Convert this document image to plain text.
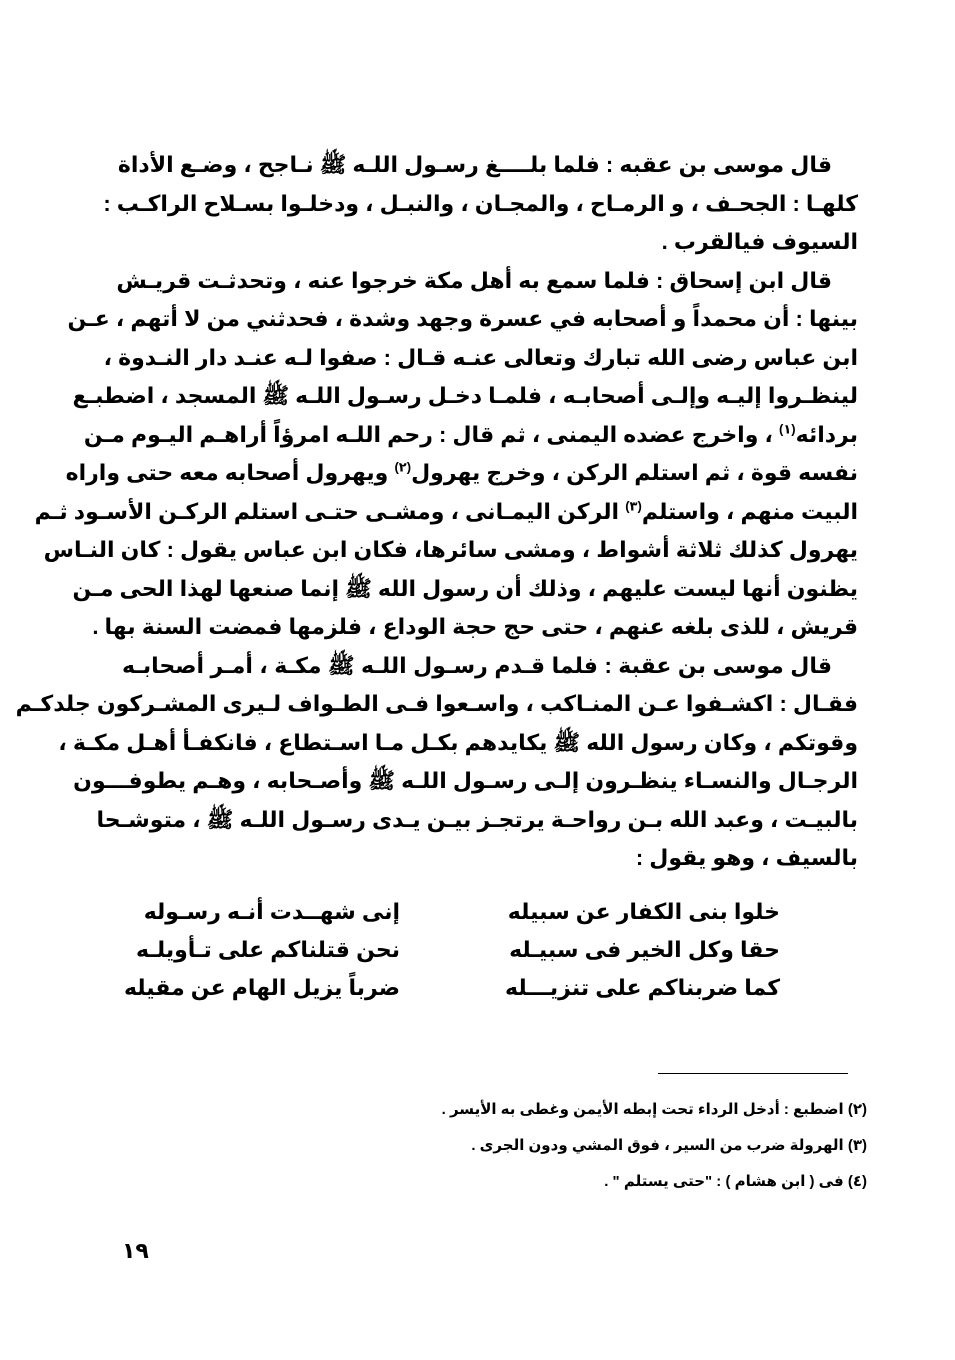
قال موسى بن عقبه : فلما بلــــغ رسـول اللـه ﷺ نـاجح ، وضـع الأداة
كلهـا : الجحـف ، و الرمـاح ، والمجـان ، والنبـل ، ودخلـوا بسـلاح الراكـب :
السيوف فيالقرب .
قال ابن إسحاق : فلما سمع به أهل مكة خرجوا عنه ، وتحدثـت قريـش
بينها : أن محمداً و أصحابه في عسرة وجهد وشدة ، فحدثني من لا أتهم ، عـن
ابن عباس رضى الله تبارك وتعالى عنـه قـال : صفوا لـه عنـد دار النـدوة ،
لينظـروا إليـه وإلـى أصحابـه ، فلمـا دخـل رسـول اللـه ﷺ المسجد ، اضطبـع
بردائه$^{(١)}$ ، واخرج عضده اليمنى ، ثم قال : رحم اللـه امرؤاً أراهـم اليـوم مـن
نفسه قوة ، ثم استلم الركن ، وخرج يهرول$^{(٢)}$ ويهرول أصحابه معه حتى واراه
البيت منهم ، واستلم$^{(٣)}$ الركن اليمـانى ، ومشـى حتـى استلم الركـن الأسـود ثـم
يهرول كذلك ثلاثة أشواط ، ومشى سائرها، فكان ابن عباس يقول : كان النـاس
يظنون أنها ليست عليهم ، وذلك أن رسول الله ﷺ إنما صنعها لهذا الحى مـن
قريش ، للذى بلغه عنهم ، حتى حج حجة الوداع ، فلزمها فمضت السنة بها .
قال موسى بن عقبة : فلما قـدم رسـول اللـه ﷺ مكـة ، أمـر أصحابـه
فقـال : اكشـفوا عـن المنـاكب ، واسـعوا فـى الطـواف لـيرى المشـركون جلدكـم
وقوتكم ، وكان رسول الله ﷺ يكايدهم بكـل مـا اسـتطاع ، فانكفـأ أهـل مكـة ،
الرجـال والنسـاء ينظـرون إلـى رسـول اللـه ﷺ وأصـحابه ، وهـم يطوفـــون
بالبيـت ، وعبد الله بـن رواحـة يرتجـز بيـن يـدى رسـول اللـه ﷺ ، متوشـحا
بالسيف ، وهو يقول :
خلوا بنى الكفار عن سبيله
إنى شهــدت أنـه رسـوله
حقا وكل الخير فى سبيـله
نحن قتلناكم على تـأويلـه
كما ضربناكم على تنزيـــله
ضرباً يزيل الهام عن مقيله
(٢) اضطبع : أدخل الرداء تحت إبطه الأيمن وغطى به الأيسر .
(٣) الهرولة ضرب من السير ، فوق المشي ودون الجرى .
(٤) فى ( ابن هشام ) : "حتى يستلم " .
١٩
